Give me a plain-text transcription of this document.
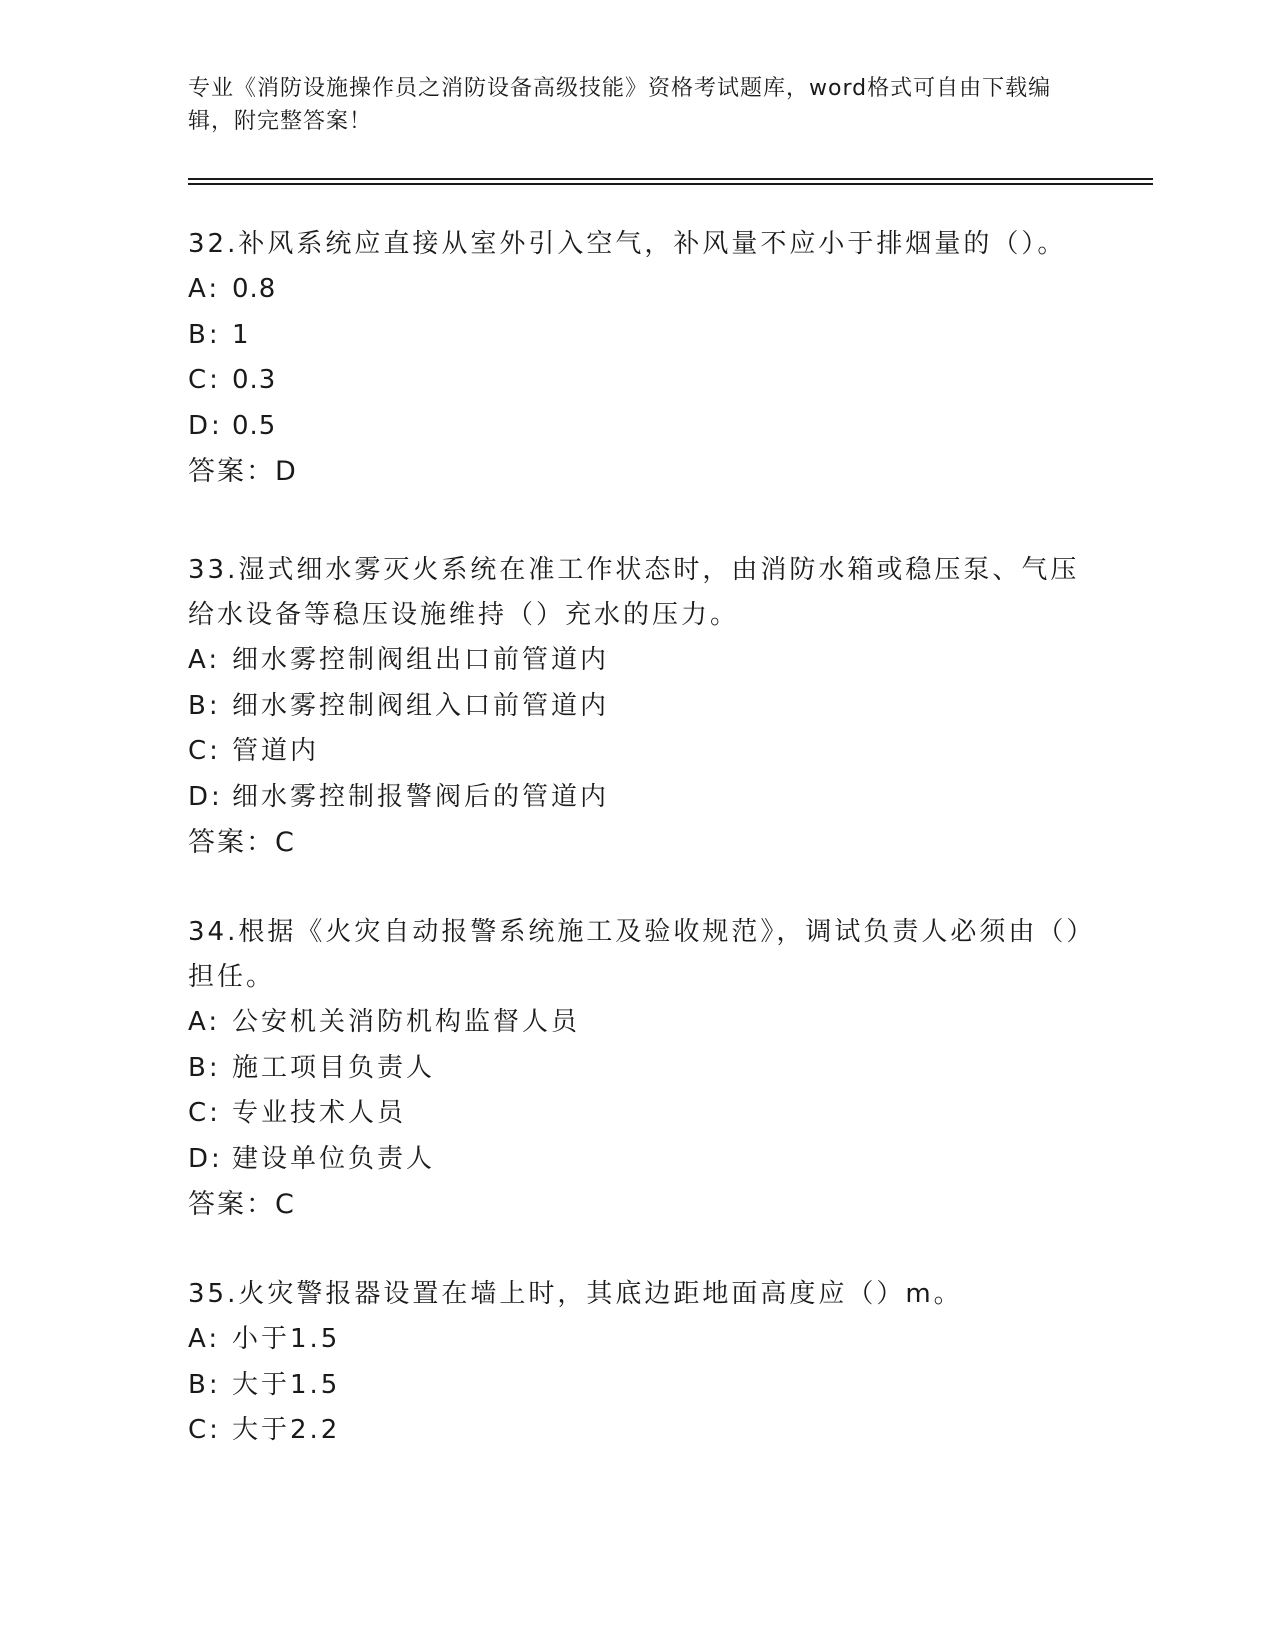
专业《消防设施操作员之消防设备高级技能》资格考试题库，word格式可自由下载编辑，附完整答案！

32.补风系统应直接从室外引入空气，补风量不应小于排烟量的（）。

A: 0.8

B: 1

C: 0.3

D: 0.5

答案：D

33.湿式细水雾灭火系统在准工作状态时，由消防水箱或稳压泵、气压给水设备等稳压设施维持（）充水的压力。

A: 细水雾控制阀组出口前管道内

B: 细水雾控制阀组入口前管道内

C: 管道内

D: 细水雾控制报警阀后的管道内

答案：C

34.根据《火灾自动报警系统施工及验收规范》，调试负责人必须由（）担任。

A: 公安机关消防机构监督人员

B: 施工项目负责人

C: 专业技术人员

D: 建设单位负责人

答案：C

35.火灾警报器设置在墙上时，其底边距地面高度应（）m。

A: 小于1.5

B: 大于1.5

C: 大于2.2
